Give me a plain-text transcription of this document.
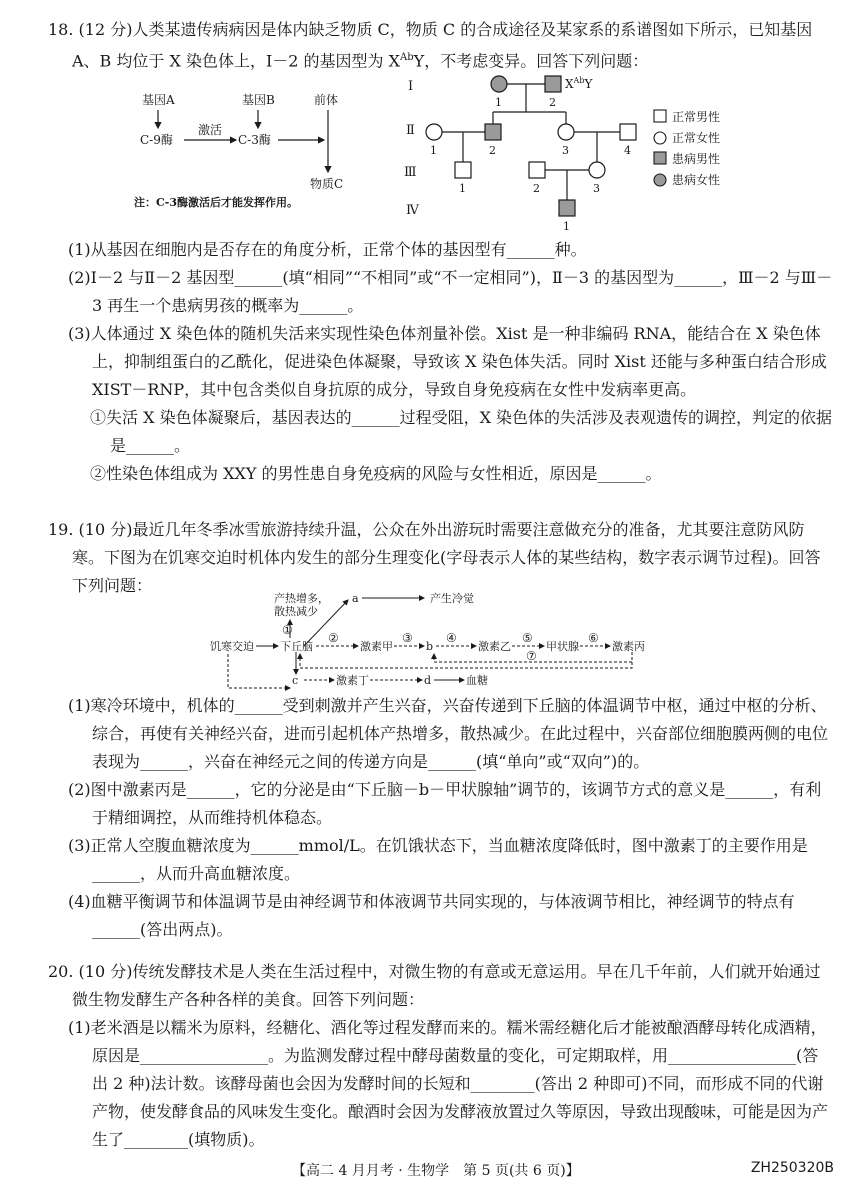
18. (12 分)人类某遗传病病因是体内缺乏物质 C，物质 C 的合成途径及某家系的系谱图如下所示，已知基因 A、B 均位于 X 染色体上，Ⅰ－2 的基因型为 $X^{Ab}Y$，不考虑变异。回答下列问题：

基因A	基因B	前体
C-9酶
激活
C-3酶
物质C
注：C-3酶激活后才能发挥作用。
Ⅰ
Ⅱ
Ⅲ
Ⅳ
$X^{Ab}Y$
1	2
1	2	3	4
1	2	3
1
正常男性
正常女性
患病男性
患病女性

(1)从基因在细胞内是否存在的角度分析，正常个体的基因型有______种。

(2)Ⅰ－2 与Ⅱ－2 基因型______(填“相同”“不相同”或“不一定相同”)，Ⅱ－3 的基因型为______，Ⅲ－2 与Ⅲ－3 再生一个患病男孩的概率为______。

(3)人体通过 X 染色体的随机失活来实现性染色体剂量补偿。Xist 是一种非编码 RNA，能结合在 X 染色体上，抑制组蛋白的乙酰化，促进染色体凝聚，导致该 X 染色体失活。同时 Xist 还能与多种蛋白结合形成 XIST－RNP，其中包含类似自身抗原的成分，导致自身免疫病在女性中发病率更高。

①失活 X 染色体凝聚后，基因表达的______过程受阻，X 染色体的失活涉及表观遗传的调控，判定的依据是______。

②性染色体组成为 XXY 的男性患自身免疫病的风险与女性相近，原因是______。

19. (10 分)最近几年冬季冰雪旅游持续升温，公众在外出游玩时需要注意做充分的准备，尤其要注意防风防寒。下图为在饥寒交迫时机体内发生的部分生理变化(字母表示人体的某些结构，数字表示调节过程)。回答下列问题：

产热增多，
散热减少
a	产生冷觉
①
饥寒交迫 下丘脑
②
激素甲
③
b
④
激素乙
⑤
甲状腺
⑥
激素丙
⑦
c	激素丁	d	血糖

(1)寒冷环境中，机体的______受到刺激并产生兴奋，兴奋传递到下丘脑的体温调节中枢，通过中枢的分析、综合，再使有关神经兴奋，进而引起机体产热增多，散热减少。在此过程中，兴奋部位细胞膜两侧的电位表现为______，兴奋在神经元之间的传递方向是______(填“单向”或“双向”)的。

(2)图中激素丙是______，它的分泌是由“下丘脑－b－甲状腺轴”调节的，该调节方式的意义是______，有利于精细调控，从而维持机体稳态。

(3)正常人空腹血糖浓度为______mmol/L。在饥饿状态下，当血糖浓度降低时，图中激素丁的主要作用是______，从而升高血糖浓度。

(4)血糖平衡调节和体温调节是由神经调节和体液调节共同实现的，与体液调节相比，神经调节的特点有______(答出两点)。

20. (10 分)传统发酵技术是人类在生活过程中，对微生物的有意或无意运用。早在几千年前，人们就开始通过微生物发酵生产各种各样的美食。回答下列问题：

(1)老米酒是以糯米为原料，经糖化、酒化等过程发酵而来的。糯米需经糖化后才能被酿酒酵母转化成酒精，原因是________________。为监测发酵过程中酵母菌数量的变化，可定期取样，用________________(答出 2 种)法计数。该酵母菌也会因为发酵时间的长短和________(答出 2 种即可)不同，而形成不同的代谢产物，使发酵食品的风味发生变化。酿酒时会因为发酵液放置过久等原因，导致出现酸味，可能是因为产生了________(填物质)。

【高二 4 月月考 · 生物学　第 5 页(共 6 页)】	ZH250320B
